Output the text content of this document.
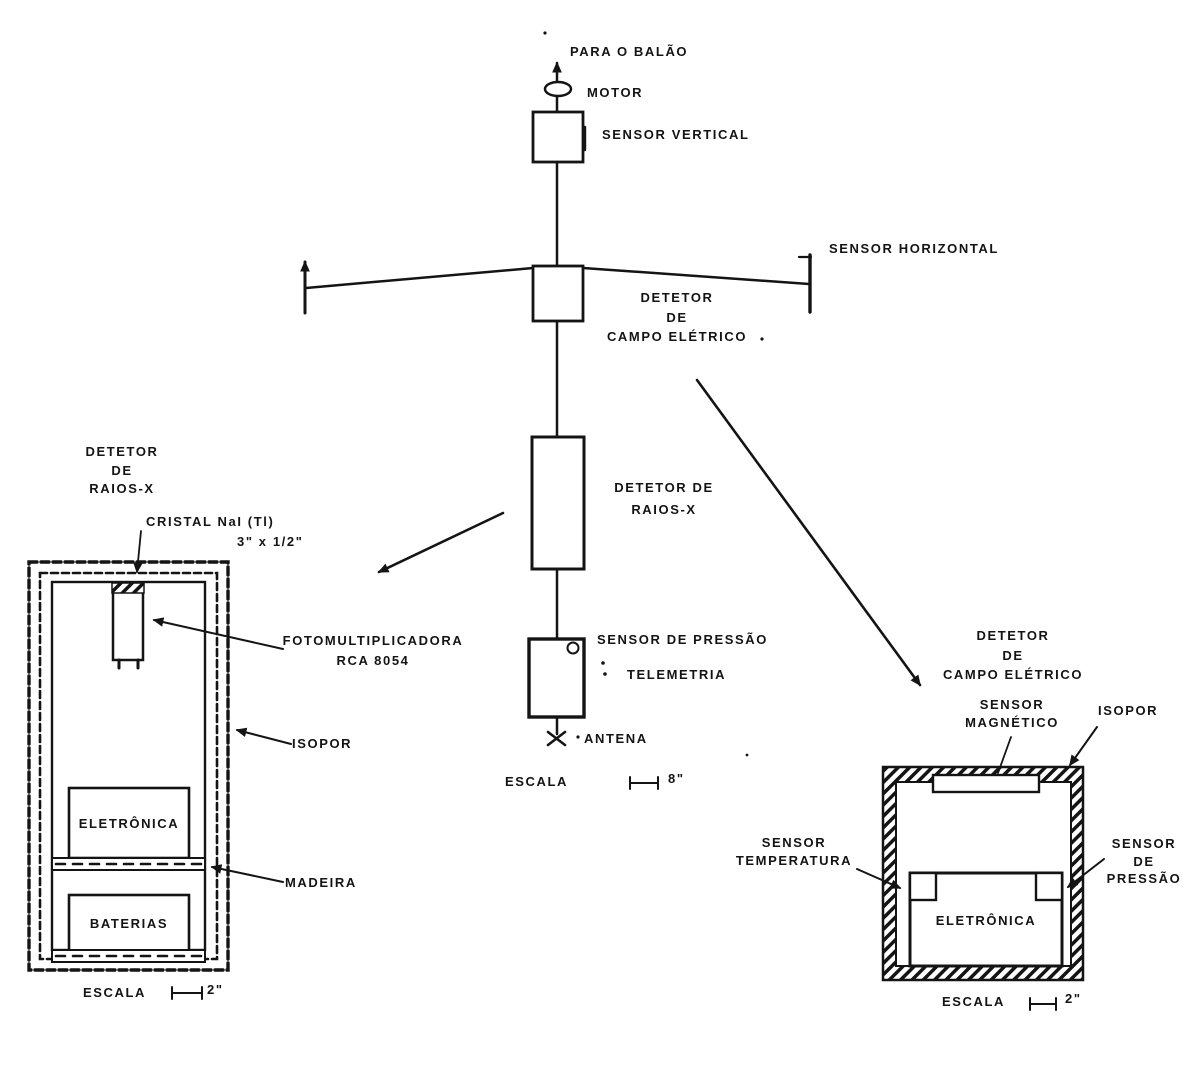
PARA O BALÃO
MOTOR
SENSOR VERTICAL
SENSOR HORIZONTAL
DETETOR
DE
CAMPO ELÉTRICO
DETETOR DE
RAIOS-X
SENSOR DE PRESSÃO
TELEMETRIA
ANTENA
ESCALA	8"
DETETOR
DE
RAIOS-X
CRISTAL NaI (Tl)
3" x 1/2"
FOTOMULTIPLICADORA
RCA 8054
ISOPOR
ELETRÔNICA
MADEIRA
BATERIAS
ESCALA	2"
DETETOR
DE
CAMPO ELÉTRICO
SENSOR
MAGNÉTICO
ISOPOR
SENSOR
TEMPERATURA
SENSOR
DE
PRESSÃO
ELETRÔNICA
ESCALA	2"
